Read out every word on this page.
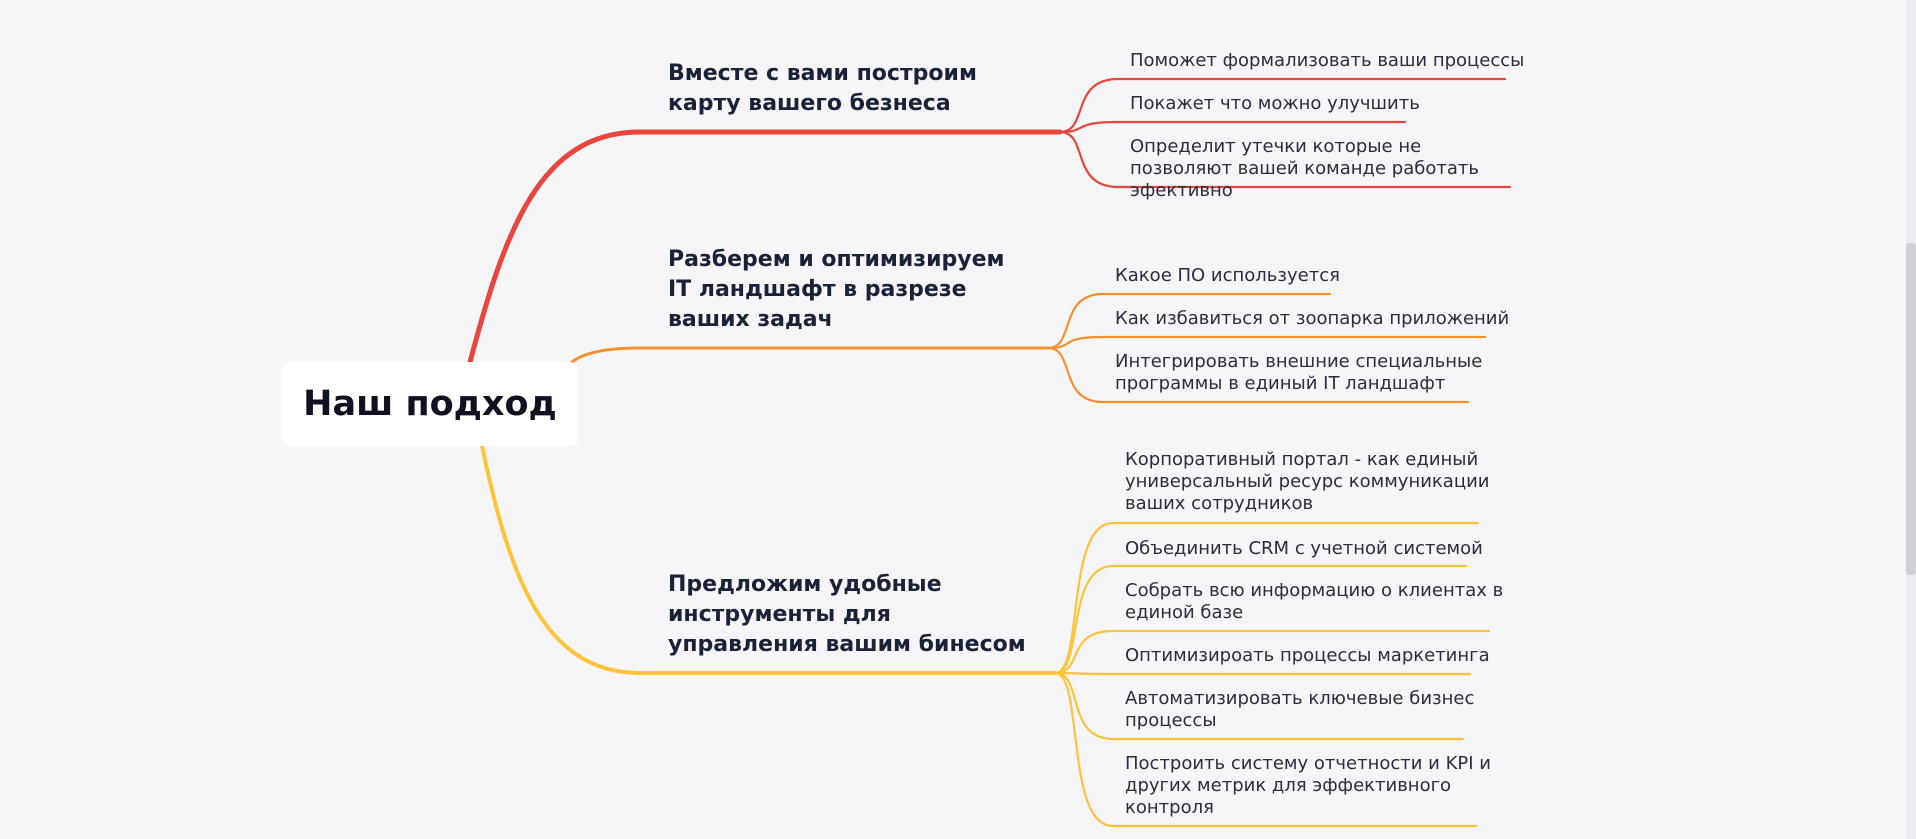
Наш подход
Вместе с вами построим карту вашего безнеса
Поможет формализовать ваши процессы
Покажет что можно улучшить
Определит утечки которые не позволяют вашей команде работать эфективно
Разберем и оптимизируем IT ландшафт в разрезе ваших задач
Какое ПО используется
Как избавиться от зоопарка приложений
Интегрировать внешние специальные программы в единый IT ландшафт
Предложим удобные инструменты для управления вашим бинесом
Корпоративный портал - как единый универсальный ресурс коммуникации ваших сотрудников
Объединить CRM с учетной системой
Собрать всю информацию о клиентах в единой базе
Оптимизироать процессы маркетинга
Автоматизировать ключевые бизнес процессы
Построить систему отчетности и KPI и других метрик для эффективного контроля
